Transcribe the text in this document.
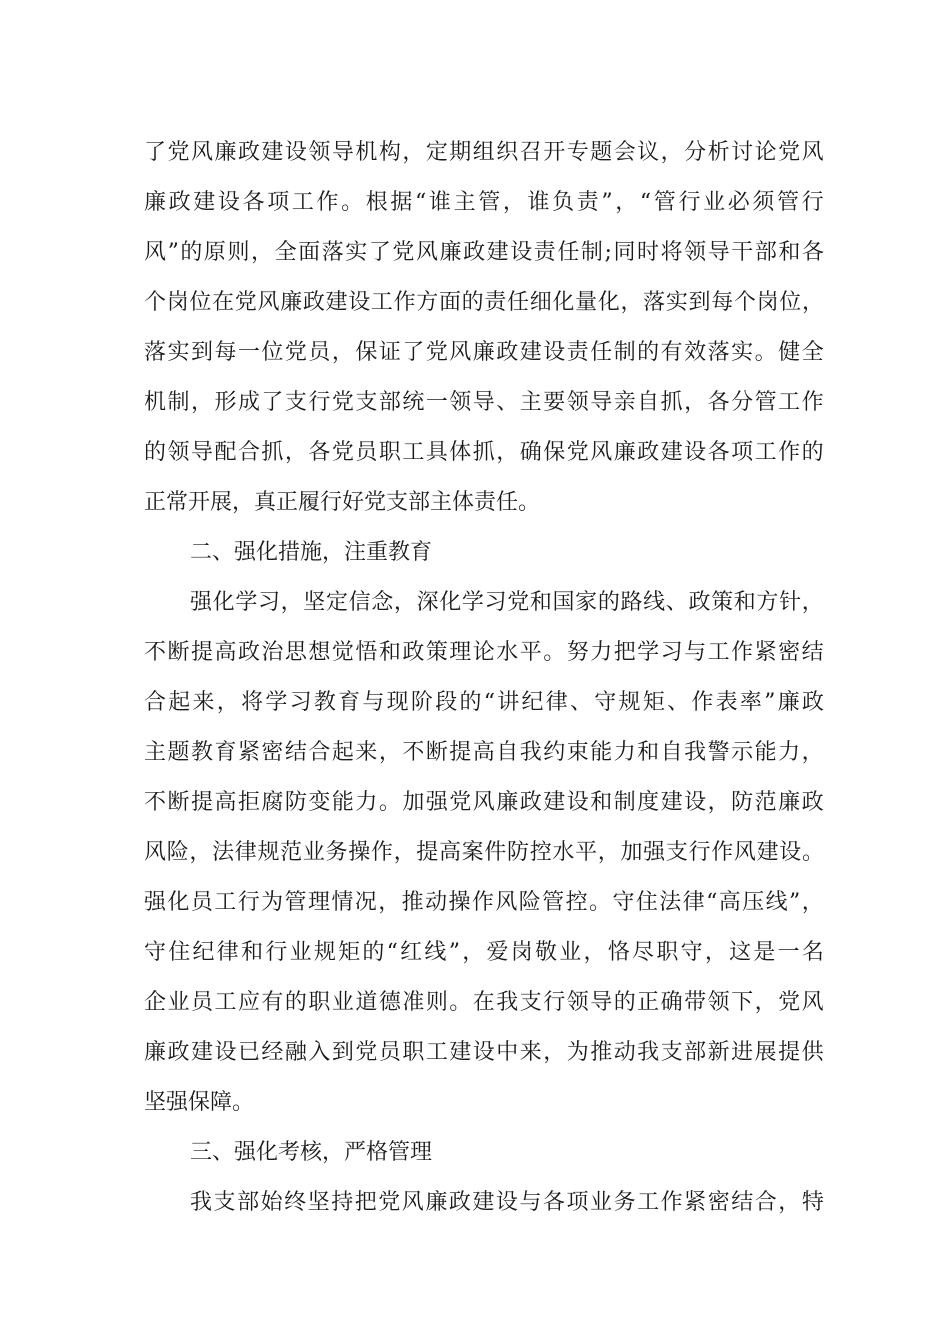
了 党 风 廉 政 建 设 领 导 机 构 ， 定 期 组 织 召 开 专 题 会 议 ， 分 析 讨 论 党 风
廉 政 建 设 各 项 工 作 。 根 据 “ 谁 主 管 ， 谁 负 责 ” ， “ 管 行 业 必 须 管 行
风 ” 的 原 则 ， 全 面 落 实 了 党 风 廉 政 建 设 责 任 制 ; 同 时 将 领 导 干 部 和 各
个 岗 位 在 党 风 廉 政 建 设 工 作 方 面 的 责 任 细 化 量 化 ， 落 实 到 每 个 岗 位 ，
落 实 到 每 一 位 党 员 ， 保 证 了 党 风 廉 政 建 设 责 任 制 的 有 效 落 实 。 健 全
机 制 ， 形 成 了 支 行 党 支 部 统 一 领 导 、 主 要 领 导 亲 自 抓 ， 各 分 管 工 作
的 领 导 配 合 抓 ， 各 党 员 职 工 具 体 抓 ， 确 保 党 风 廉 政 建 设 各 项 工 作 的
正常开展，真正履行好党支部主体责任。
二、强化措施，注重教育
强 化 学 习 ， 坚 定 信 念 ， 深 化 学 习 党 和 国 家 的 路 线 、 政 策 和 方 针 ，
不 断 提 高 政 治 思 想 觉 悟 和 政 策 理 论 水 平 。 努 力 把 学 习 与 工 作 紧 密 结
合 起 来 ， 将 学 习 教 育 与 现 阶 段 的 “ 讲 纪 律 、 守 规 矩 、 作 表 率 ” 廉 政
主 题 教 育 紧 密 结 合 起 来 ， 不 断 提 高 自 我 约 束 能 力 和 自 我 警 示 能 力 ，
不 断 提 高 拒 腐 防 变 能 力 。 加 强 党 风 廉 政 建 设 和 制 度 建 设 ， 防 范 廉 政
风 险 ， 法 律 规 范 业 务 操 作 ， 提 高 案 件 防 控 水 平 ， 加 强 支 行 作 风 建 设 。
强 化 员 工 行 为 管 理 情 况 ， 推 动 操 作 风 险 管 控 。 守 住 法 律 “ 高 压 线 ” ，
守 住 纪 律 和 行 业 规 矩 的 “ 红 线 ” ， 爱 岗 敬 业 ， 恪 尽 职 守 ， 这 是 一 名
企 业 员 工 应 有 的 职 业 道 德 准 则 。 在 我 支 行 领 导 的 正 确 带 领 下 ， 党 风
廉 政 建 设 已 经 融 入 到 党 员 职 工 建 设 中 来 ， 为 推 动 我 支 部 新 进 展 提 供
坚强保障。
三、强化考核，严格管理
我 支 部 始 终 坚 持 把 党 风 廉 政 建 设 与 各 项 业 务 工 作 紧 密 结 合 ， 特
